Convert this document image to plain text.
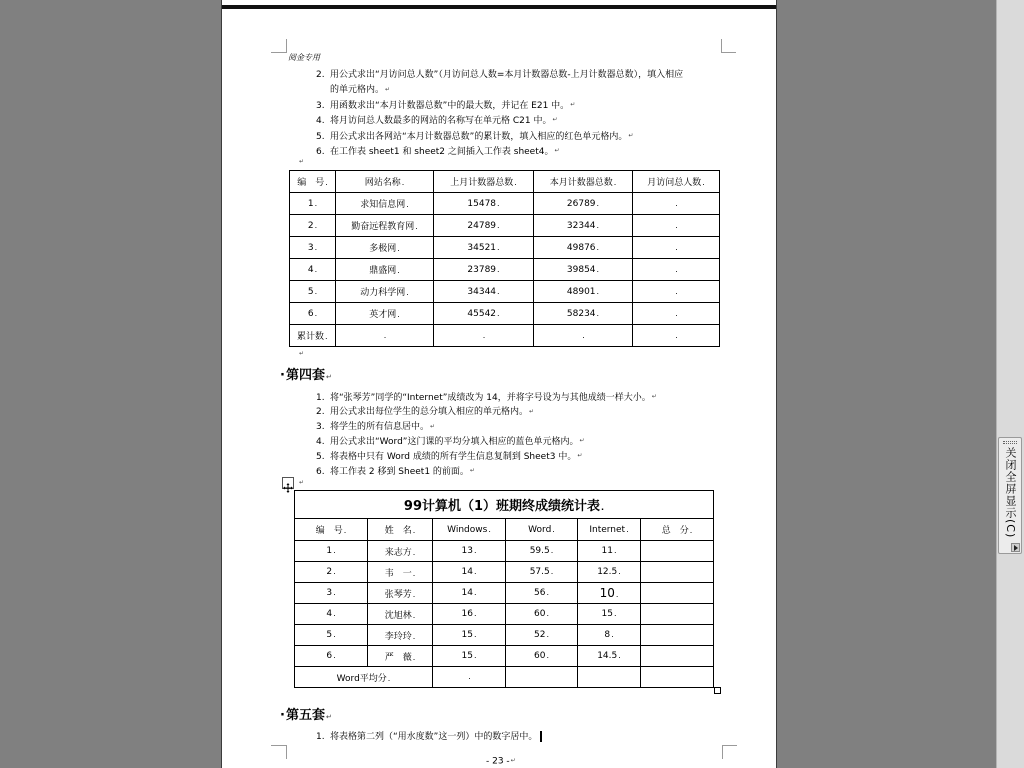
阅金专用
2. 用公式求出“月访问总人数”（月访问总人数=本月计数器总数-上月计数器总数），填入相应
的单元格内。 ↵
3. 用函数求出“本月计数器总数”中的最大数，并记在 E21 中。 ↵
4. 将月访问总人数最多的网站的名称写在单元格 C21 中。 ↵
5. 用公式求出各网站“本月计数器总数”的累计数，填入相应的红色单元格内。 ↵
6. 在工作表 sheet1 和 sheet2 之间插入工作表 sheet4。 ↵
↵
编　号 .	网站名称 .	上月计数器总数 .	本月计数器总数 .	月访问总人数 .
1 .	求知信息网 .	15478 .	26789 .	.
2 .	勤奋远程教育网 .	24789 .	32344 .	.
3 .	多极网 .	34521 .	49876 .	.
4 .	鼎盛网 .	23789 .	39854 .	.
5 .	动力科学网 .	34344 .	48901 .	.
6 .	英才网 .	45542 .	58234 .	.
累计数 .	.	.	.	.
↵
· 第四套 ↵
1. 将“张琴芳”同学的“Internet”成绩改为 14，并将字号设为与其他成绩一样大小。 ↵
2. 用公式求出每位学生的总分填入相应的单元格内。 ↵
3. 将学生的所有信息居中。 ↵
4. 用公式求出“Word”这门课的平均分填入相应的蓝色单元格内。 ↵
5. 将表格中只有 Word 成绩的所有学生信息复制到 Sheet3 中。 ↵
6. 将工作表 2 移到 Sheet1 的前面。 ↵
↵
99计算机（1）班期终成绩统计表 .
编　号 .	姓　名 .	Windows .	Word .	Internet .	总　分 .
1 .	来志方 .	13 .	59.5 .	11 .	
2 .	韦　一 .	14 .	57.5 .	12.5 .	
3 .	张琴芳 .	14 .	56 .	10 .	
4 .	沈旭林 .	16 .	60 .	15 .	
5 .	李玲玲 .	15 .	52 .	8 .	
6 .	严　薇 .	15 .	60 .	14.5 .	
Word平均分 .	.			
· 第五套 ↵
1. 将表格第二列（“用水度数”这一列）中的数字居中。
- 23 - ↵
关闭全屏显示(C)
